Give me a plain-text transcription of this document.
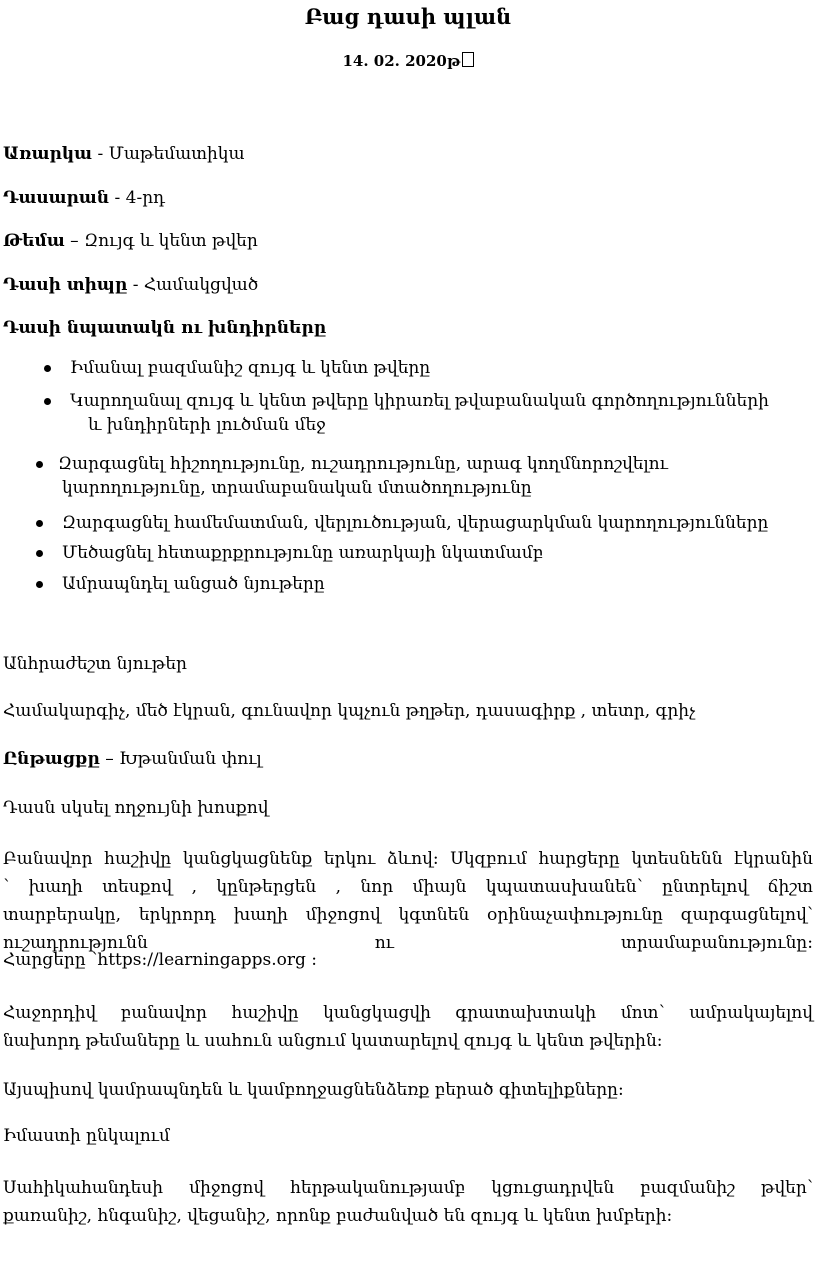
Բաց դասի պլան
14. 02. 2020թ
Առարկա - Մաթեմատիկա
Դասարան - 4-րդ
Թեմա – Զույգ և կենտ թվեր
Դասի տիպը - Համակցված
Դասի նպատակն ու խնդիրները
Իմանալ բազմանիշ զույգ և կենտ թվերը
Կարողանալ զույգ և կենտ թվերը կիրառել թվաբանական գործողությունների
և խնդիրների լուծման մեջ
Զարգացնել հիշողությունը, ուշադրությունը, արագ կողմնորոշվելու
կարողությունը, տրամաբանական մտածողությունը
Զարգացնել համեմատման, վերլուծության, վերացարկման կարողությունները
Մեծացնել հետաքրքրությունը առարկայի նկատմամբ
Ամրապնդել անցած նյութերը
Անհրաժեշտ նյութեր
Համակարգիչ, մեծ էկրան, գունավոր կպչուն թղթեր, դասագիրք , տետր, գրիչ
Ընթացքը – Խթանման փուլ
Դասն սկսել ողջույնի խոսքով
Բանավոր հաշիվը կանցկացնենք երկու ձևով։ Սկզբում հարցերը կտեսնենն էկրանին
՝ խաղի տեսքով , կընթերցեն , նոր միայն կպատասխանեն՝ ընտրելով ճիշտ
տարբերակը, երկրորդ խաղի միջոցով կգտնեն օրինաչափությունը զարգացնելով՝
ուշադրությունն ու տրամաբանությունը։
Հարցերը ՝https://learningapps.org :
Հաջորդիվ բանավոր հաշիվը կանցկացվի գրատախտակի մոտ՝ ամրակայելով
նախորդ թեմաները և սահուն անցում կատարելով զույգ և կենտ թվերին։
Այսպիսով կամրապնդեն և կամբողջացնենձեռք բերած գիտելիքները։
Իմաստի ընկալում
Սահիկահանդեսի միջոցով հերթականությամբ կցուցադրվեն բազմանիշ թվեր՝
քառանիշ, հնգանիշ, վեցանիշ, որոնք բաժանված են զույգ և կենտ խմբերի։
